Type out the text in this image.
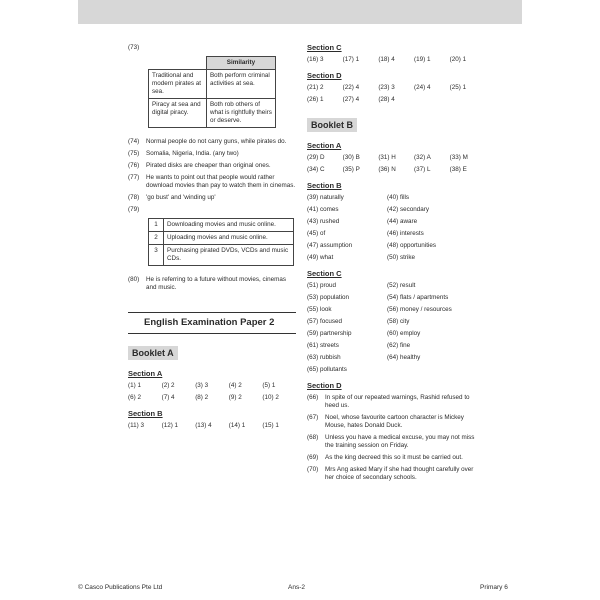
(73)
	Similarity
Traditional and modern pirates at sea.	Both perform criminal activities at sea.
Piracy at sea and digital piracy.	Both rob others of what is rightfully theirs or deserve.
(74)	Normal people do not carry guns, while pirates do.
(75)	Somalia, Nigeria, India. (any two)
(76)	Pirated disks are cheaper than original ones.
(77)	He wants to point out that people would rather download movies than pay to watch them in cinemas.
(78)	'go bust' and 'winding up'
(79)
1	Downloading movies and music online.
2	Uploading movies and music online.
3	Purchasing pirated DVDs, VCDs and music CDs.
(80)	He is referring to a future without movies, cinemas and music.
English Examination Paper 2
Booklet A
Section A
(1) 1	(2) 2	(3) 3	(4) 2	(5) 1
(6) 2	(7) 4	(8) 2	(9) 2	(10) 2
Section B
(11) 3	(12) 1	(13) 4	(14) 1	(15) 1
Section C
(16) 3	(17) 1	(18) 4	(19) 1	(20) 1
Section D
(21) 2	(22) 4	(23) 3	(24) 4	(25) 1
(26) 1	(27) 4	(28) 4
Booklet B
Section A
(29) D	(30) B	(31) H	(32) A	(33) M
(34) C	(35) P	(36) N	(37) L	(38) E
Section B
(39) naturally	(40) fills
(41) comes	(42) secondary
(43) rushed	(44) aware
(45) of	(46) interests
(47) assumption	(48) opportunities
(49) what	(50) strike
Section C
(51) proud	(52) result
(53) population	(54) flats / apartments
(55) look	(56) money / resources
(57) focused	(58) city
(59) partnership	(60) employ
(61) streets	(62) fine
(63) rubbish	(64) healthy
(65) pollutants
Section D
(66)	In spite of our repeated warnings, Rashid refused to heed us.
(67)	Noel, whose favourite cartoon character is Mickey Mouse, hates Donald Duck.
(68)	Unless you have a medical excuse, you may not miss the training session on Friday.
(69)	As the king decreed this so it must be carried out.
(70)	Mrs Ang asked Mary if she had thought carefully over her choice of secondary schools.
© Casco Publications Pte Ltd	Ans-2	Primary 6
